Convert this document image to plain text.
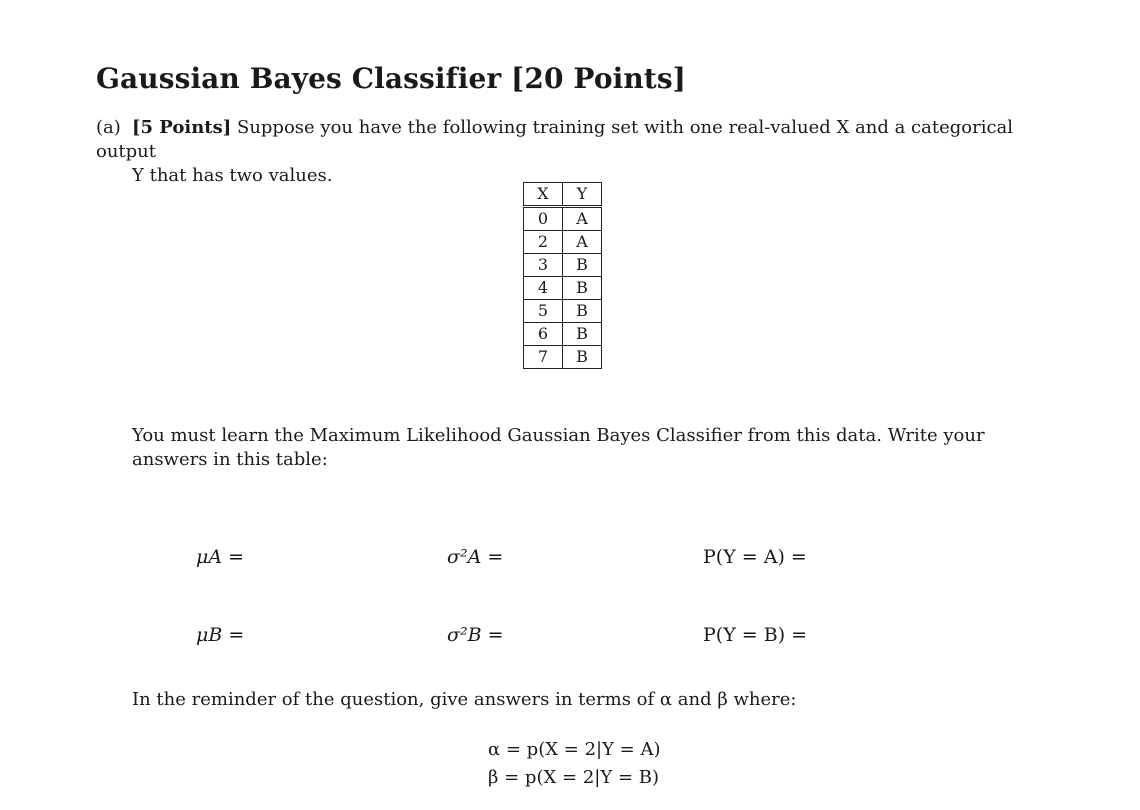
Gaussian Bayes Classifier [20 Points]
(a) [5 Points] Suppose you have the following training set with one real-valued X and a categorical output
Y that has two values.
X	Y
0	A
2	A
3	B
4	B
5	B
6	B
7	B
You must learn the Maximum Likelihood Gaussian Bayes Classifier from this data. Write your answers in this table:
μA =	σ²A =	P(Y = A) =
μB =	σ²B =	P(Y = B) =
In the reminder of the question, give answers in terms of α and β where:
α = p(X = 2|Y = A)
β = p(X = 2|Y = B)
